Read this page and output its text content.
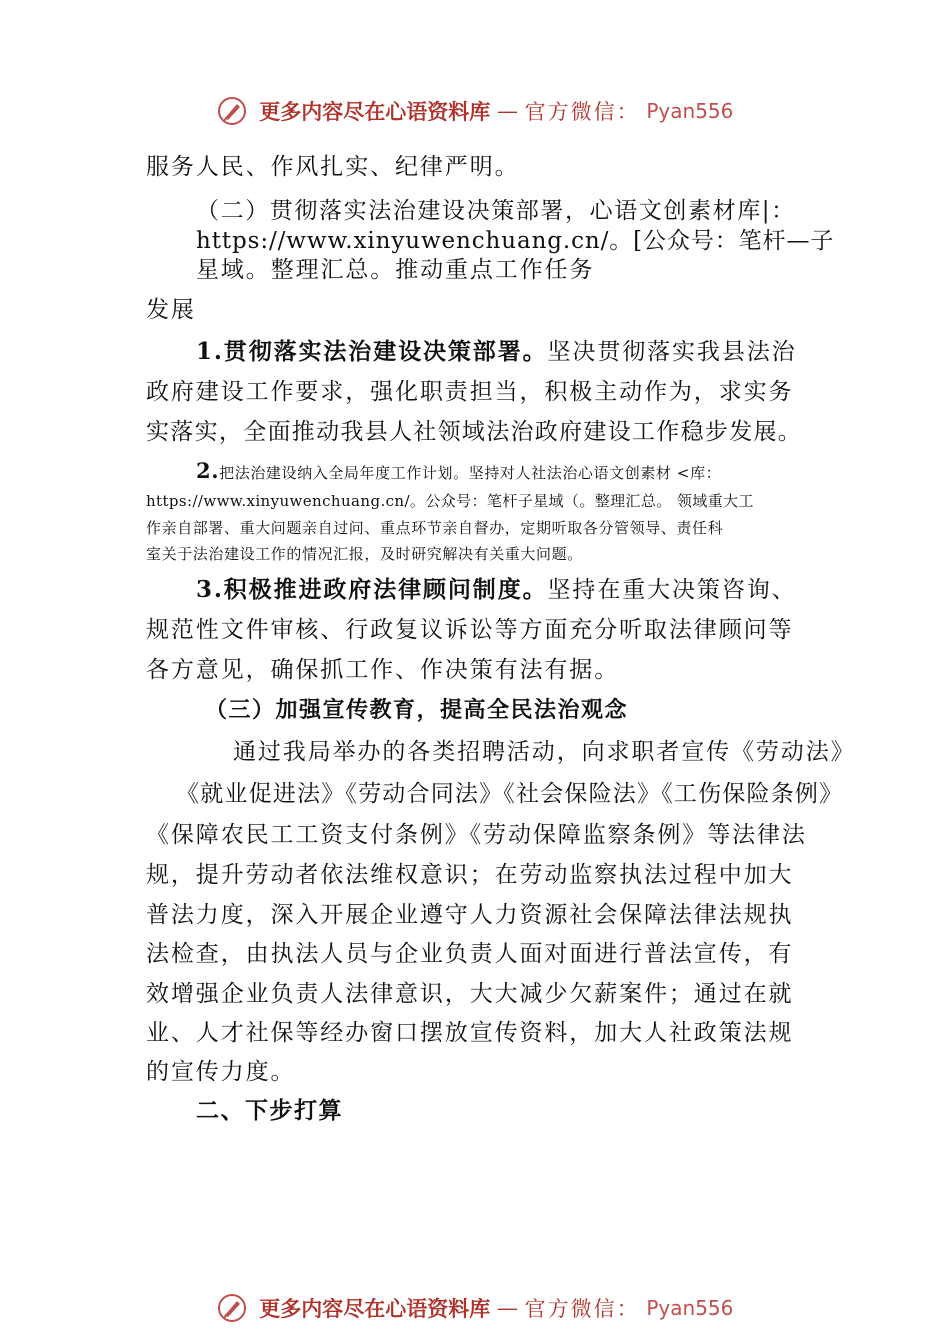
更多内容尽在心语资料库 — 官方微信： Pyan556
服务人民、作风扎实、纪律严明。
（二）贯彻落实法治建设决策部署，心语文创素材库|：
https://www.xinyuwenchuang.cn/。[公众号：笔杆—子
星域。整理汇总。推动重点工作任务
发展
1.贯彻落实法治建设决策部署。坚决贯彻落实我县法治
政府建设工作要求，强化职责担当，积极主动作为，求实务
实落实，全面推动我县人社领域法治政府建设工作稳步发展。
2.把法治建设纳入全局年度工作计划。坚持对人社法治心语文创素材 <库：
https://www.xinyuwenchuang.cn/。公众号：笔杆子星域（。整理汇总。 领域重大工
作亲自部署、重大问题亲自过问、重点环节亲自督办，定期听取各分管领导、责任科
室关于法治建设工作的情况汇报，及时研究解决有关重大问题。
3.积极推进政府法律顾问制度。坚持在重大决策咨询、
规范性文件审核、行政复议诉讼等方面充分听取法律顾问等
各方意见，确保抓工作、作决策有法有据。
（三）加强宣传教育，提高全民法治观念
通过我局举办的各类招聘活动，向求职者宣传《劳动法》
《就业促进法》《劳动合同法》《社会保险法》《工伤保险条例》
《保障农民工工资支付条例》《劳动保障监察条例》等法律法
规，提升劳动者依法维权意识；在劳动监察执法过程中加大
普法力度，深入开展企业遵守人力资源社会保障法律法规执
法检查，由执法人员与企业负责人面对面进行普法宣传，有
效增强企业负责人法律意识，大大减少欠薪案件；通过在就
业、人才社保等经办窗口摆放宣传资料，加大人社政策法规
的宣传力度。
二、下步打算
更多内容尽在心语资料库 — 官方微信： Pyan556
